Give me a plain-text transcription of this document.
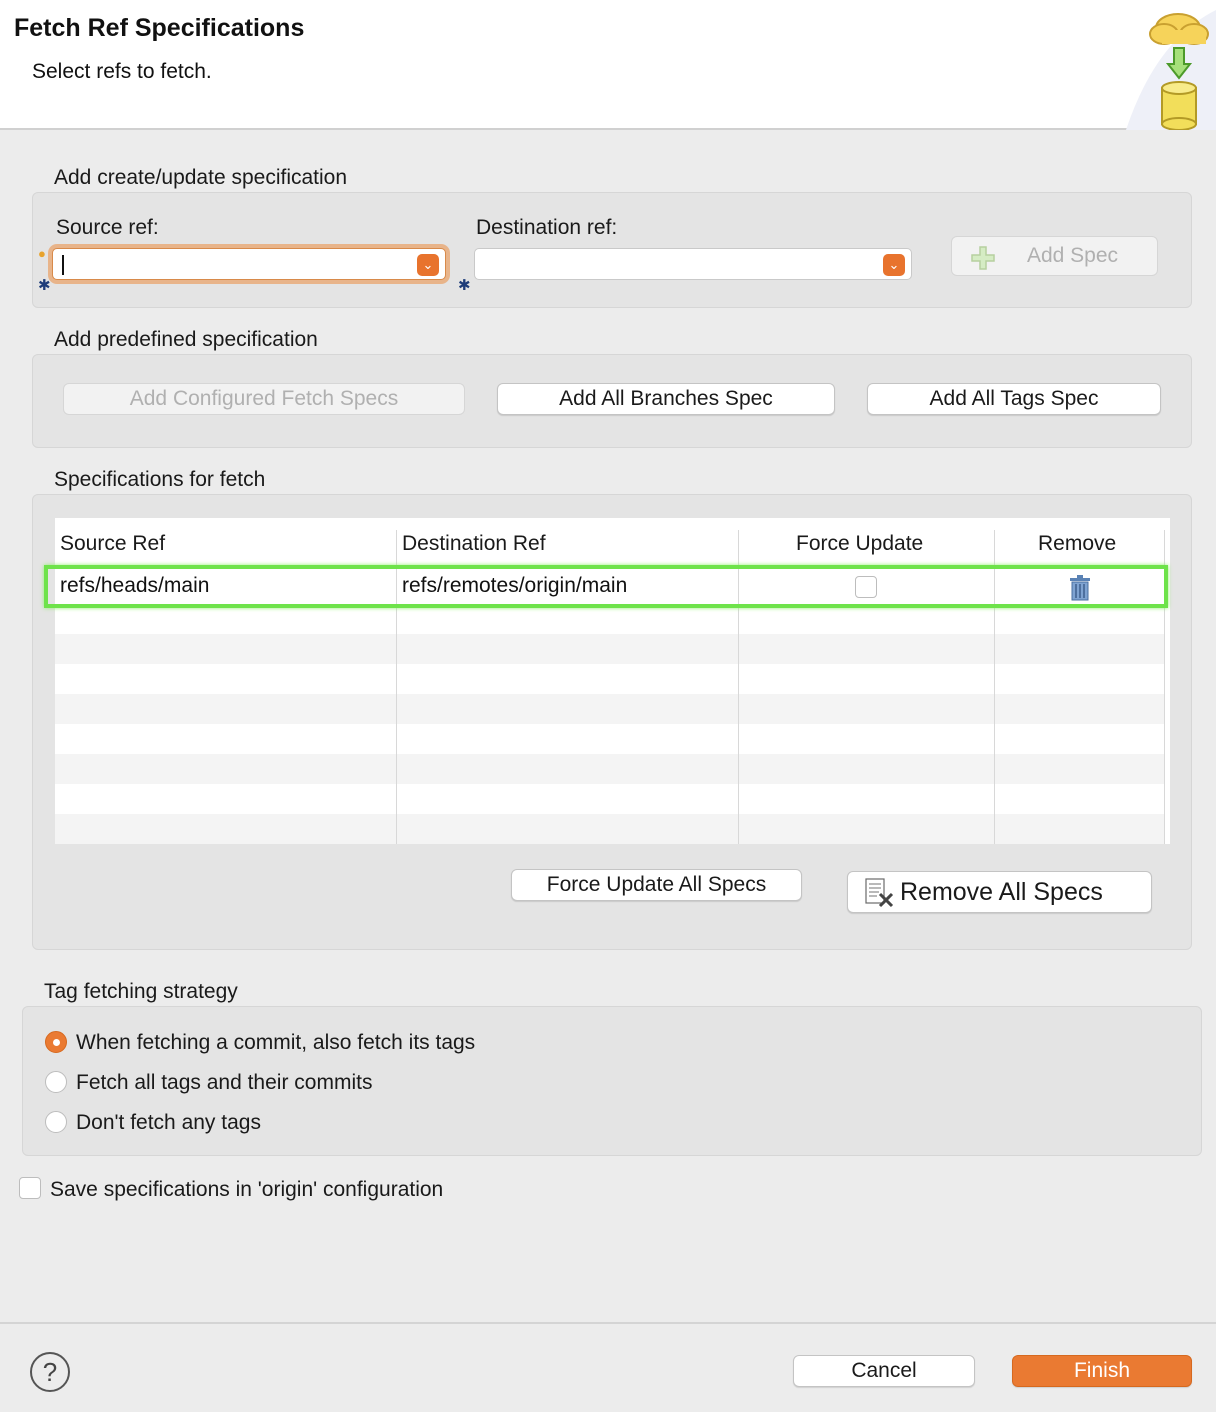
Fetch Ref Specifications
Select refs to fetch.
Add create/update specification
Source ref:	Destination ref:
●
✱
⌄
✱
⌄	Add Spec
Add predefined specification
Add Configured Fetch Specs	Add All Branches Spec	Add All Tags Spec
Specifications for fetch
Source Ref	Destination Ref	Force Update	Remove
refs/heads/main	refs/remotes/origin/main
Force Update All Specs	Remove All Specs
Tag fetching strategy
When fetching a commit, also fetch its tags
Fetch all tags and their commits
Don't fetch any tags
Save specifications in 'origin' configuration
?	Cancel	Finish
